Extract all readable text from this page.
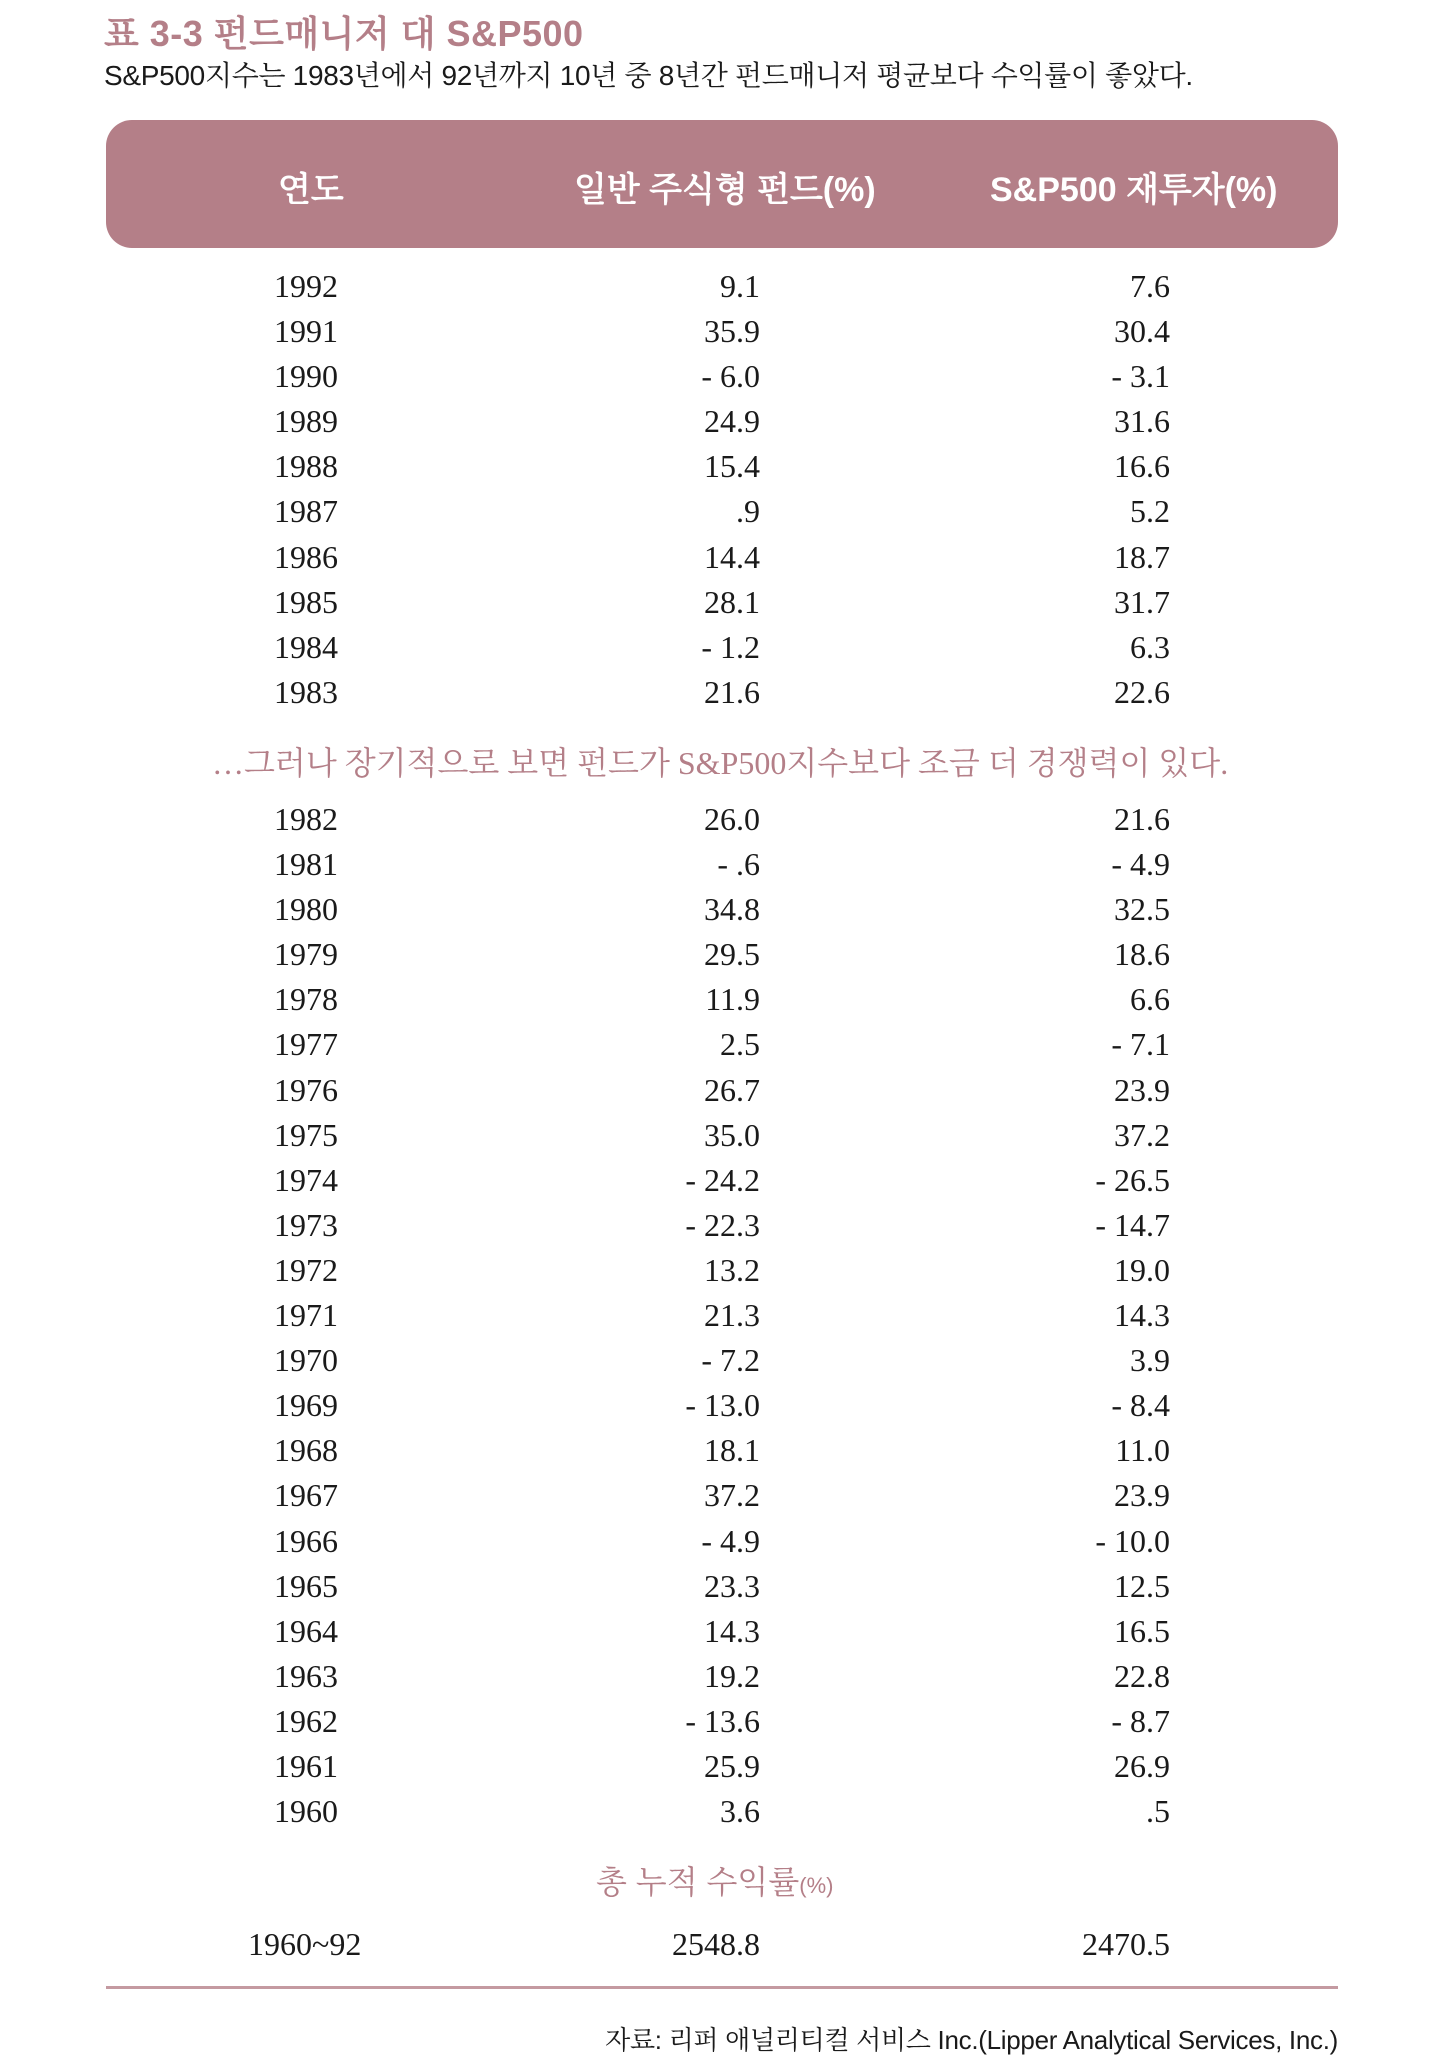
표 3-3 펀드매니저 대 S&P500
S&P500지수는 1983년에서 92년까지 10년 중 8년간 펀드매니저 평균보다 수익률이 좋았다.
연도	일반 주식형 펀드(%)	S&P500 재투자(%)
1992	9.1	7.6
1991	35.9	30.4
1990	- 6.0	- 3.1
1989	24.9	31.6
1988	15.4	16.6
1987	.9	5.2
1986	14.4	18.7
1985	28.1	31.7
1984	- 1.2	6.3
1983	21.6	22.6
…그러나 장기적으로 보면 펀드가 S&P500지수보다 조금 더 경쟁력이 있다.
1982	26.0	21.6
1981	- .6	- 4.9
1980	34.8	32.5
1979	29.5	18.6
1978	11.9	6.6
1977	2.5	- 7.1
1976	26.7	23.9
1975	35.0	37.2
1974	- 24.2	- 26.5
1973	- 22.3	- 14.7
1972	13.2	19.0
1971	21.3	14.3
1970	- 7.2	3.9
1969	- 13.0	- 8.4
1968	18.1	11.0
1967	37.2	23.9
1966	- 4.9	- 10.0
1965	23.3	12.5
1964	14.3	16.5
1963	19.2	22.8
1962	- 13.6	- 8.7
1961	25.9	26.9
1960	3.6	.5
총 누적 수익률(%)
1960~92	2548.8	2470.5
자료: 리퍼 애널리티컬 서비스 Inc.(Lipper Analytical Services, Inc.)
